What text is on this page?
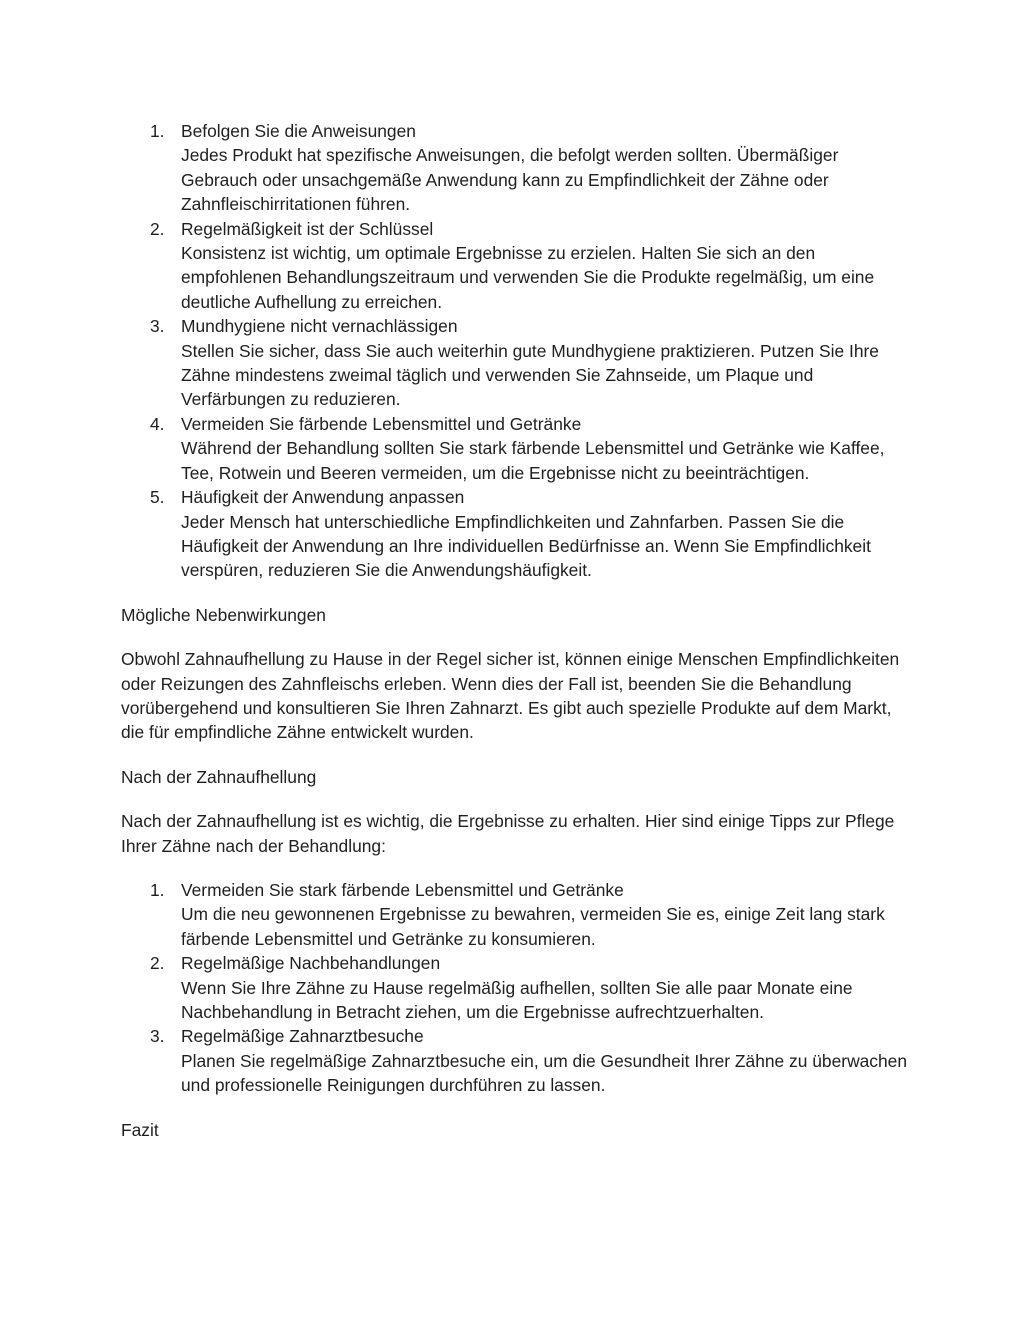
1. Befolgen Sie die Anweisungen
Jedes Produkt hat spezifische Anweisungen, die befolgt werden sollten. Übermäßiger Gebrauch oder unsachgemäße Anwendung kann zu Empfindlichkeit der Zähne oder Zahnfleischirritationen führen.
2. Regelmäßigkeit ist der Schlüssel
Konsistenz ist wichtig, um optimale Ergebnisse zu erzielen. Halten Sie sich an den empfohlenen Behandlungszeitraum und verwenden Sie die Produkte regelmäßig, um eine deutliche Aufhellung zu erreichen.
3. Mundhygiene nicht vernachlässigen
Stellen Sie sicher, dass Sie auch weiterhin gute Mundhygiene praktizieren. Putzen Sie Ihre Zähne mindestens zweimal täglich und verwenden Sie Zahnseide, um Plaque und Verfärbungen zu reduzieren.
4. Vermeiden Sie färbende Lebensmittel und Getränke
Während der Behandlung sollten Sie stark färbende Lebensmittel und Getränke wie Kaffee, Tee, Rotwein und Beeren vermeiden, um die Ergebnisse nicht zu beeinträchtigen.
5. Häufigkeit der Anwendung anpassen
Jeder Mensch hat unterschiedliche Empfindlichkeiten und Zahnfarben. Passen Sie die Häufigkeit der Anwendung an Ihre individuellen Bedürfnisse an. Wenn Sie Empfindlichkeit verspüren, reduzieren Sie die Anwendungshäufigkeit.

Mögliche Nebenwirkungen

Obwohl Zahnaufhellung zu Hause in der Regel sicher ist, können einige Menschen Empfindlichkeiten oder Reizungen des Zahnfleischs erleben. Wenn dies der Fall ist, beenden Sie die Behandlung vorübergehend und konsultieren Sie Ihren Zahnarzt. Es gibt auch spezielle Produkte auf dem Markt, die für empfindliche Zähne entwickelt wurden.

Nach der Zahnaufhellung

Nach der Zahnaufhellung ist es wichtig, die Ergebnisse zu erhalten. Hier sind einige Tipps zur Pflege Ihrer Zähne nach der Behandlung:

1. Vermeiden Sie stark färbende Lebensmittel und Getränke
Um die neu gewonnenen Ergebnisse zu bewahren, vermeiden Sie es, einige Zeit lang stark färbende Lebensmittel und Getränke zu konsumieren.
2. Regelmäßige Nachbehandlungen
Wenn Sie Ihre Zähne zu Hause regelmäßig aufhellen, sollten Sie alle paar Monate eine Nachbehandlung in Betracht ziehen, um die Ergebnisse aufrechtzuerhalten.
3. Regelmäßige Zahnarztbesuche
Planen Sie regelmäßige Zahnarztbesuche ein, um die Gesundheit Ihrer Zähne zu überwachen und professionelle Reinigungen durchführen zu lassen.

Fazit
